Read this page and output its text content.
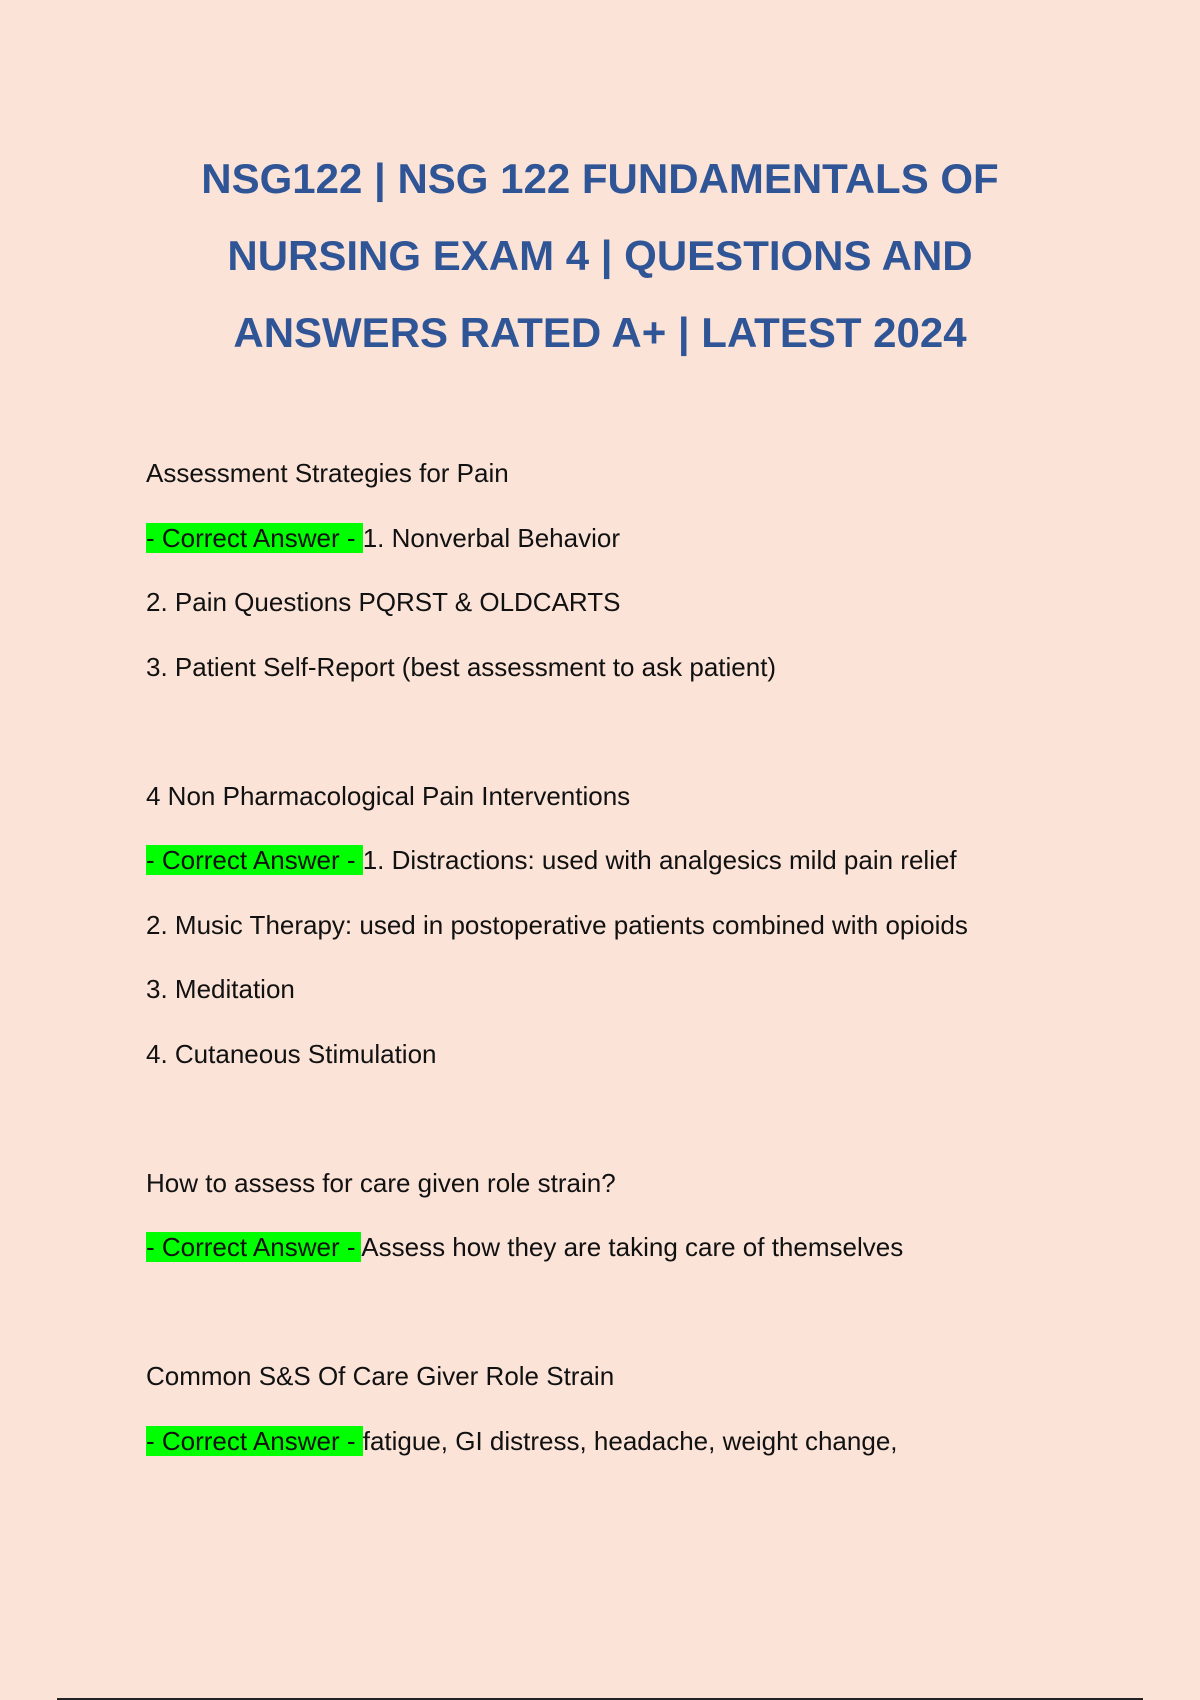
NSG122 | NSG 122 FUNDAMENTALS OF
NURSING EXAM 4 | QUESTIONS AND
ANSWERS RATED A+ | LATEST 2024
Assessment Strategies for Pain
- Correct Answer - 1. Nonverbal Behavior
2. Pain Questions PQRST & OLDCARTS
3. Patient Self-Report (best assessment to ask patient)
4 Non Pharmacological Pain Interventions
- Correct Answer - 1. Distractions: used with analgesics mild pain relief
2. Music Therapy: used in postoperative patients combined with opioids
3. Meditation
4. Cutaneous Stimulation
How to assess for care given role strain?
- Correct Answer - Assess how they are taking care of themselves
Common S&S Of Care Giver Role Strain
- Correct Answer - fatigue, GI distress, headache, weight change,
